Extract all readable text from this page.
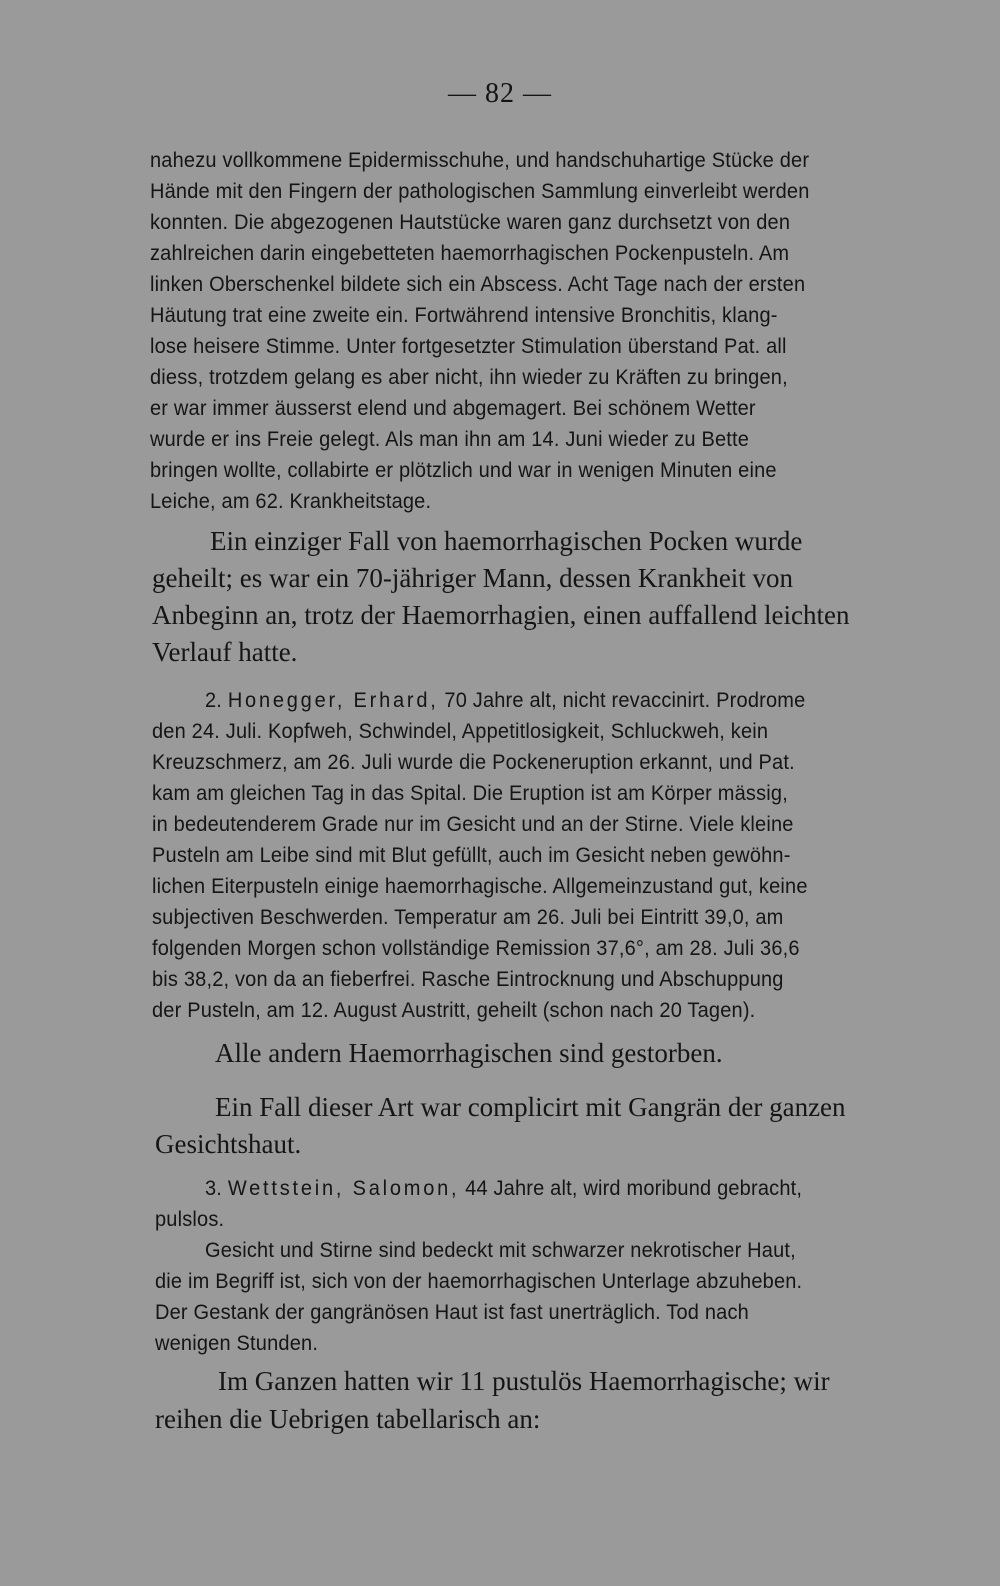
— 82 —
nahezu vollkommene Epidermisschuhe, und handschuhartige Stücke der
Hände mit den Fingern der pathologischen Sammlung einverleibt werden
konnten. Die abgezogenen Hautstücke waren ganz durchsetzt von den
zahlreichen darin eingebetteten haemorrhagischen Pockenpusteln. Am
linken Oberschenkel bildete sich ein Abscess. Acht Tage nach der ersten
Häutung trat eine zweite ein. Fortwährend intensive Bronchitis, klang-
lose heisere Stimme. Unter fortgesetzter Stimulation überstand Pat. all
diess, trotzdem gelang es aber nicht, ihn wieder zu Kräften zu bringen,
er war immer äusserst elend und abgemagert. Bei schönem Wetter
wurde er ins Freie gelegt. Als man ihn am 14. Juni wieder zu Bette
bringen wollte, collabirte er plötzlich und war in wenigen Minuten eine
Leiche, am 62. Krankheitstage.
Ein einziger Fall von haemorrhagischen Pocken wurde
geheilt; es war ein 70-jähriger Mann, dessen Krankheit von
Anbeginn an, trotz der Haemorrhagien, einen auffallend leichten
Verlauf hatte.
2. Honegger, Erhard, 70 Jahre alt, nicht revaccinirt. Prodrome
den 24. Juli. Kopfweh, Schwindel, Appetitlosigkeit, Schluckweh, kein
Kreuzschmerz, am 26. Juli wurde die Pockeneruption erkannt, und Pat.
kam am gleichen Tag in das Spital. Die Eruption ist am Körper mässig,
in bedeutenderem Grade nur im Gesicht und an der Stirne. Viele kleine
Pusteln am Leibe sind mit Blut gefüllt, auch im Gesicht neben gewöhn-
lichen Eiterpusteln einige haemorrhagische. Allgemeinzustand gut, keine
subjectiven Beschwerden. Temperatur am 26. Juli bei Eintritt 39,0, am
folgenden Morgen schon vollständige Remission 37,6°, am 28. Juli 36,6
bis 38,2, von da an fieberfrei. Rasche Eintrocknung und Abschuppung
der Pusteln, am 12. August Austritt, geheilt (schon nach 20 Tagen).
Alle andern Haemorrhagischen sind gestorben.
Ein Fall dieser Art war complicirt mit Gangrän der ganzen
Gesichtshaut.
3. Wettstein, Salomon, 44 Jahre alt, wird moribund gebracht,
pulslos.
Gesicht und Stirne sind bedeckt mit schwarzer nekrotischer Haut,
die im Begriff ist, sich von der haemorrhagischen Unterlage abzuheben.
Der Gestank der gangränösen Haut ist fast unerträglich. Tod nach
wenigen Stunden.
Im Ganzen hatten wir 11 pustulös Haemorrhagische; wir
reihen die Uebrigen tabellarisch an:
